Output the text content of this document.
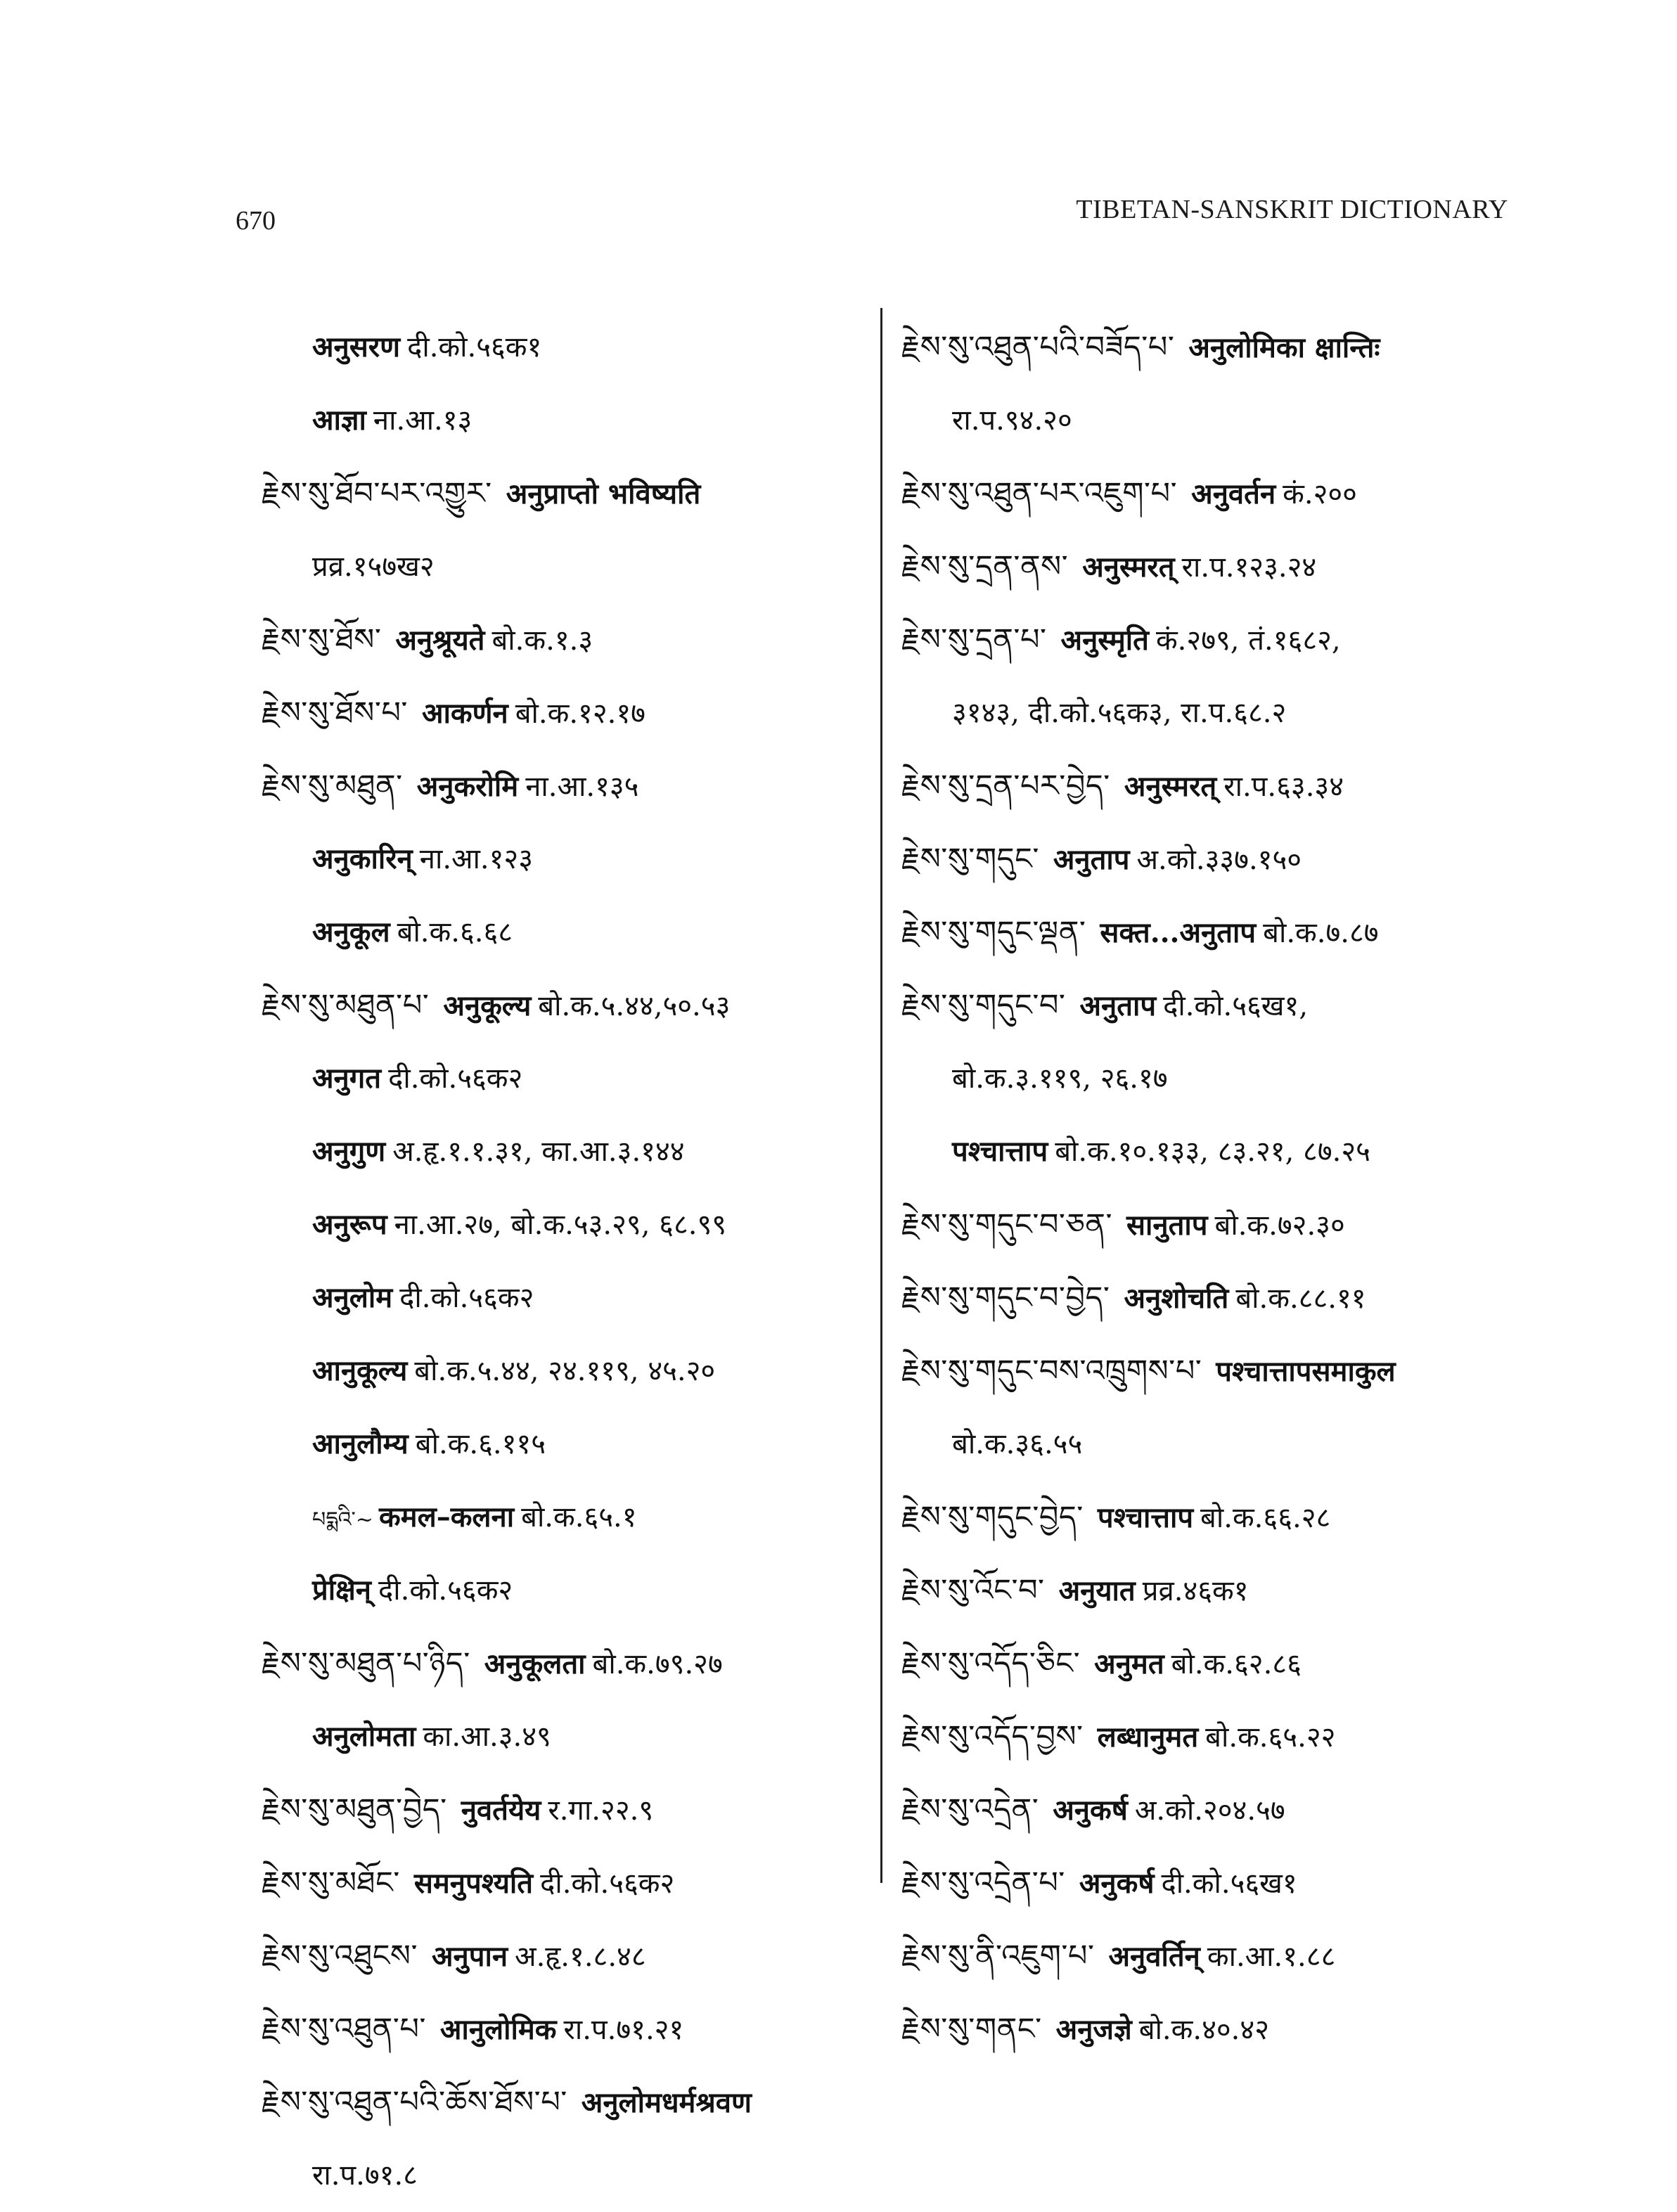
670	TIBETAN-SANSKRIT DICTIONARY
अनुसरण दी.को.५६क१
आज्ञा ना.आ.१३
རྗེས་སུ་ཐོབ་པར་འགྱུར་ अनुप्राप्तो भविष्यति
प्रव्र.१५७ख२
རྗེས་སུ་ཐོས་ अनुश्रूयते बो.क.१.३
རྗེས་སུ་ཐོས་པ་ आकर्णन बो.क.१२.१७
རྗེས་སུ་མཐུན་ अनुकरोमि ना.आ.१३५
अनुकारिन् ना.आ.१२३
अनुकूल बो.क.६.६८
རྗེས་སུ་མཐུན་པ་ अनुकूल्य बो.क.५.४४,५०.५३
अनुगत दी.को.५६क२
अनुगुण अ.हृ.१.१.३१, का.आ.३.१४४
अनुरूप ना.आ.२७, बो.क.५३.२९, ६८.९९
अनुलोम दी.को.५६क२
आनुकूल्य बो.क.५.४४, २४.११९, ४५.२०
आनुलौम्य बो.क.६.११५
པདྨའི་~ कमल–कलना बो.क.६५.१
प्रेक्षिन् दी.को.५६क२
རྗེས་སུ་མཐུན་པ་ཉིད་ अनुकूलता बो.क.७९.२७
अनुलोमता का.आ.३.४९
རྗེས་སུ་མཐུན་བྱེད་ नुवर्तयेय र.गा.२२.९
རྗེས་སུ་མཐོང་ समनुपश्यति दी.को.५६क२
རྗེས་སུ་འཐུངས་ अनुपान अ.हृ.१.८.४८
རྗེས་སུ་འཐུན་པ་ आनुलोमिक रा.प.७१.२१
རྗེས་སུ་འཐུན་པའི་ཆོས་ཐོས་པ་ अनुलोमधर्मश्रवण
रा.प.७१.८
རྗེས་སུ་འཐུན་པའི་བཟོད་པ་ अनुलोमिका क्षान्तिः
रा.प.९४.२०
རྗེས་སུ་འཐུན་པར་འཇུག་པ་ अनुवर्तन कं.२००
རྗེས་སུ་དྲན་ནས་ अनुस्मरत् रा.प.१२३.२४
རྗེས་སུ་དྲན་པ་ अनुस्मृति कं.२७९, तं.१६८२,
३१४३, दी.को.५६क३, रा.प.६८.२
རྗེས་སུ་དྲན་པར་བྱེད་ अनुस्मरत् रा.प.६३.३४
རྗེས་སུ་གདུང་ अनुताप अ.को.३३७.१५०
རྗེས་སུ་གདུང་ལྡན་ सक्त...अनुताप बो.क.७.८७
རྗེས་སུ་གདུང་བ་ अनुताप दी.को.५६ख१,
बो.क.३.११९, २६.१७
पश्चात्ताप बो.क.१०.१३३, ८३.२१, ८७.२५
རྗེས་སུ་གདུང་བ་ཅན་ सानुताप बो.क.७२.३०
རྗེས་སུ་གདུང་བ་བྱེད་ अनुशोचति बो.क.८८.११
རྗེས་སུ་གདུང་བས་འཁྲུགས་པ་ पश्चात्तापसमाकुल
बो.क.३६.५५
རྗེས་སུ་གདུང་བྱེད་ पश्चात्ताप बो.क.६६.२८
རྗེས་སུ་འོང་བ་ अनुयात प्रव्र.४६क१
རྗེས་སུ་འདོད་ཅིང་ अनुमत बो.क.६२.८६
རྗེས་སུ་འདོད་བྱས་ लब्धानुमत बो.क.६५.२२
རྗེས་སུ་འདྲེན་ अनुकर्ष अ.को.२०४.५७
རྗེས་སུ་འདྲེན་པ་ अनुकर्ष दी.को.५६ख१
རྗེས་སུ་ནི་འཇུག་པ་ अनुवर्तिन् का.आ.१.८८
རྗེས་སུ་གནང་ अनुजज्ञे बो.क.४०.४२
